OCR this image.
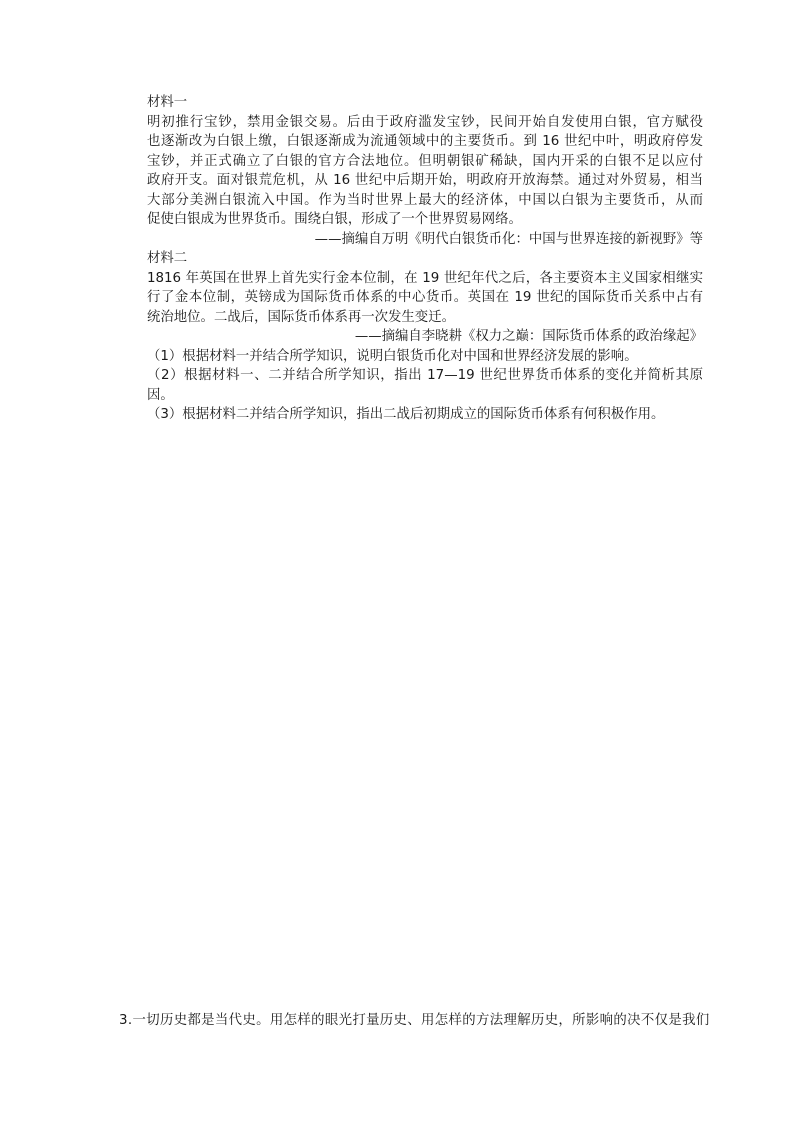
材料一
明初推行宝钞，禁用金银交易。后由于政府滥发宝钞，民间开始自发使用白银，官方赋役
也逐渐改为白银上缴，白银逐渐成为流通领域中的主要货币。到 16 世纪中叶，明政府停发
宝钞，并正式确立了白银的官方合法地位。但明朝银矿稀缺，国内开采的白银不足以应付
政府开支。面对银荒危机，从 16 世纪中后期开始，明政府开放海禁。通过对外贸易，相当
大部分美洲白银流入中国。作为当时世界上最大的经济体，中国以白银为主要货币，从而
促使白银成为世界货币。围绕白银，形成了一个世界贸易网络。
——摘编自万明《明代白银货币化：中国与世界连接的新视野》等
材料二
1816 年英国在世界上首先实行金本位制，在 19 世纪年代之后，各主要资本主义国家相继实
行了金本位制，英镑成为国际货币体系的中心货币。英国在 19 世纪的国际货币关系中占有
统治地位。二战后，国际货币体系再一次发生变迁。
——摘编自李晓耕《权力之巅：国际货币体系的政治缘起》
（1）根据材料一并结合所学知识，说明白银货币化对中国和世界经济发展的影响。
（2）根据材料一、二并结合所学知识，指出 17—19 世纪世界货币体系的变化并简析其原
因。
（3）根据材料二并结合所学知识，指出二战后初期成立的国际货币体系有何积极作用。
3.一切历史都是当代史。用怎样的眼光打量历史、用怎样的方法理解历史，所影响的决不仅是我们
